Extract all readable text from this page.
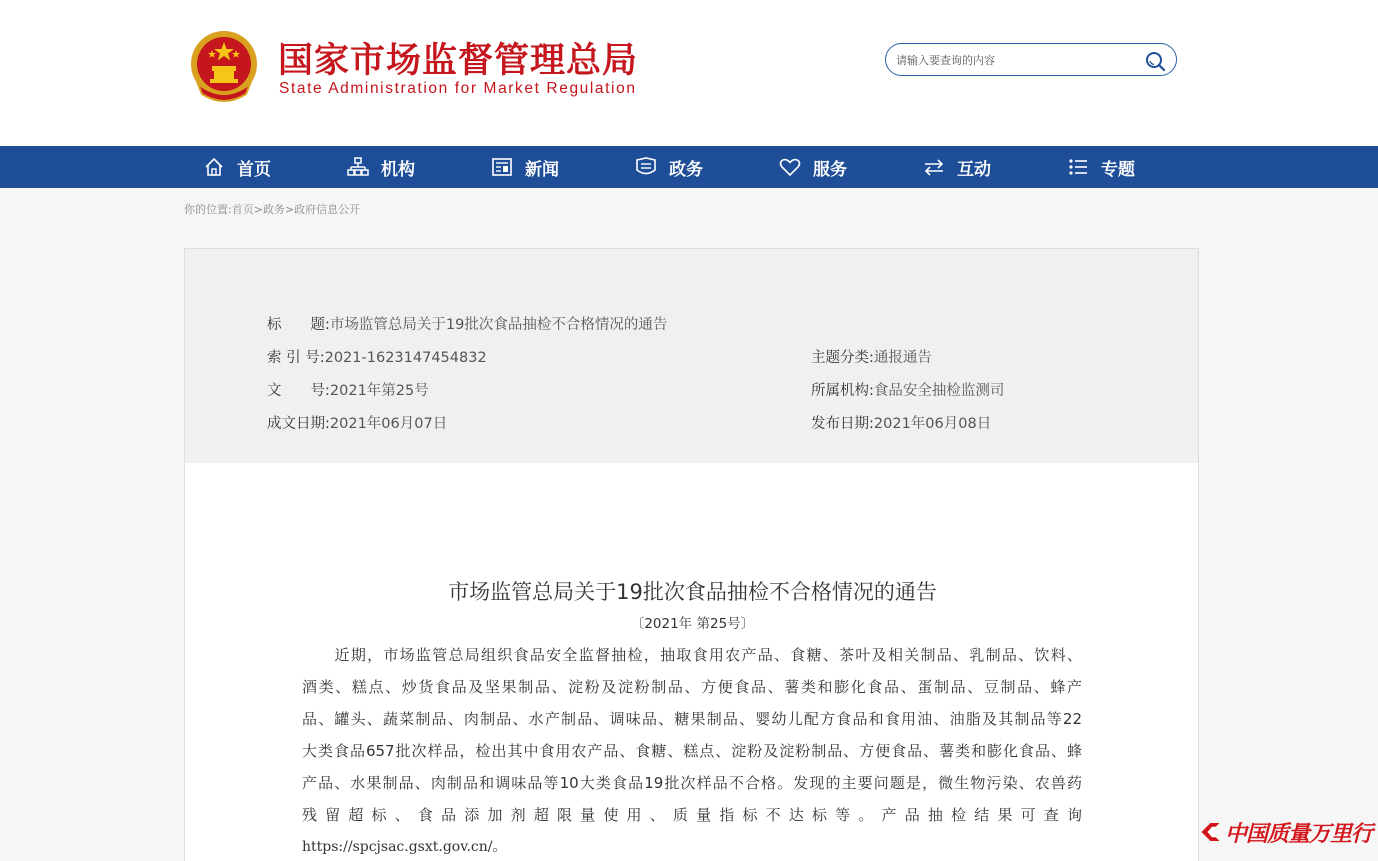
国家市场监督管理总局
State Administration for Market Regulation
请输入要查询的内容
首页	机构	新闻	政务	服务	互动	专题
你的位置:首页>政务>政府信息公开
标　　题:市场监管总局关于19批次食品抽检不合格情况的通告
索 引 号:2021-1623147454832	主题分类:通报通告
文　　号:2021年第25号	所属机构:食品安全抽检监测司
成文日期:2021年06月07日	发布日期:2021年06月08日
市场监管总局关于19批次食品抽检不合格情况的通告
〔2021年 第25号〕
　　近期，市场监管总局组织食品安全监督抽检，抽取食用农产品、食糖、茶叶及相关制品、乳制品、饮料、
酒类、糕点、炒货食品及坚果制品、淀粉及淀粉制品、方便食品、薯类和膨化食品、蛋制品、豆制品、蜂产
品、罐头、蔬菜制品、肉制品、水产制品、调味品、糖果制品、婴幼儿配方食品和食用油、油脂及其制品等22
大类食品657批次样品，检出其中食用农产品、食糖、糕点、淀粉及淀粉制品、方便食品、薯类和膨化食品、蜂
产品、水果制品、肉制品和调味品等10大类食品19批次样品不合格。发现的主要问题是，微生物污染、农兽药
残留超标、食品添加剂超限量使用、质量指标不达标等。产品抽检结果可查询
https://spcjsac.gsxt.gov.cn/。
中国质量万里行
